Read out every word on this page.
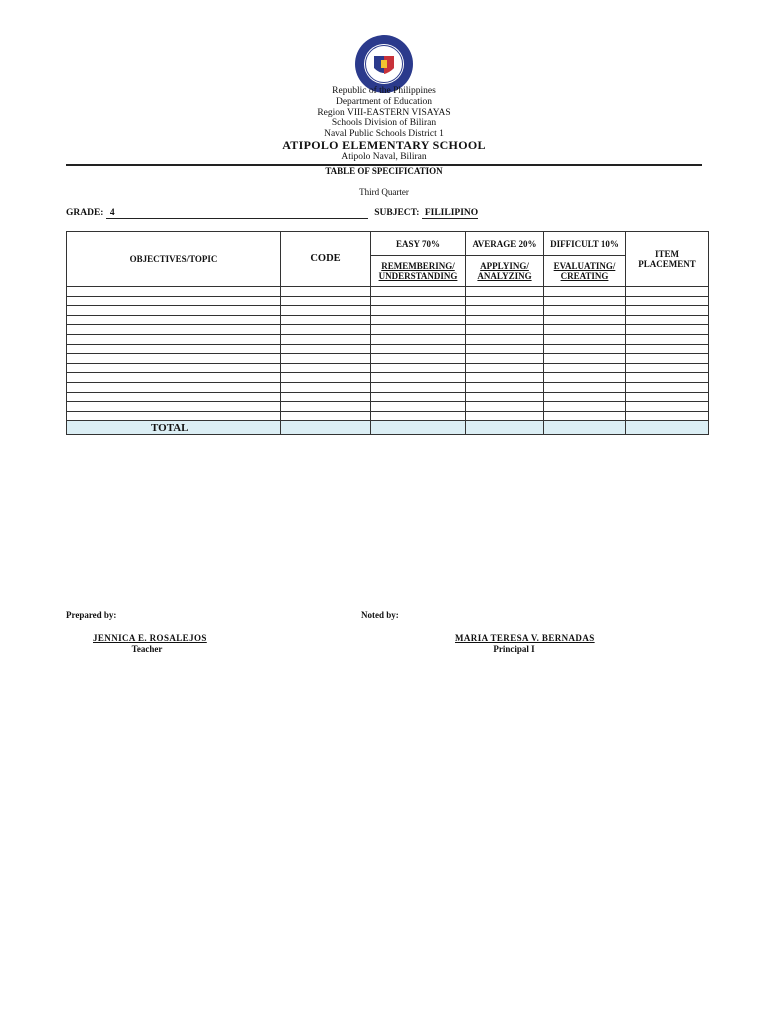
Republic of the Philippines
Department of Education
Region VIII-EASTERN VISAYAS
Schools Division of Biliran
Naval Public Schools District 1
ATIPOLO ELEMENTARY SCHOOL
Atipolo Naval, Biliran
TABLE OF SPECIFICATION
Third Quarter
GRADE: 4	SUBJECT: FILILIPINO
OBJECTIVES/TOPIC	CODE	EASY 70%	AVERAGE 20%	DIFFICULT 10%	ITEM PLACEMENT
		REMEMBERING/ UNDERSTANDING	APPLYING/ ANALYZING	EVALUATING/ CREATING	

TOTAL					
Prepared by:	Noted by:
JENNICA E. ROSALEJOS
Teacher
MARIA TERESA V. BERNADAS
Principal I
